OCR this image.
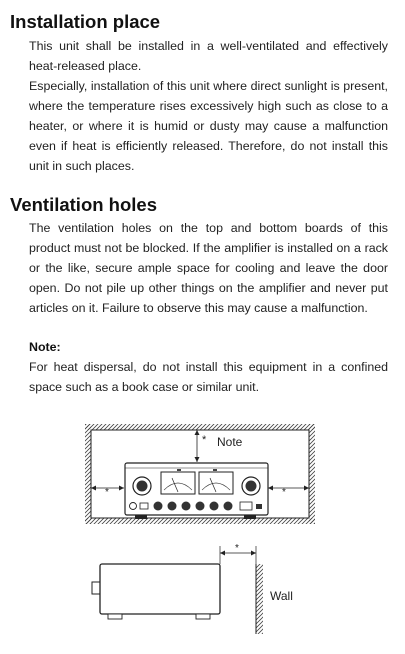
Installation place

This unit shall be installed in a well-ventilated and effectively heat-released place.

Especially, installation of this unit where direct sunlight is present, where the temperature rises excessively high such as close to a heater, or where it is humid or dusty may cause a malfunction even if heat is efficiently released. Therefore, do not install this unit in such places.

Ventilation holes

The ventilation holes on the top and bottom boards of this product must not be blocked. If the amplifier is installed on a rack or the like, secure ample space for cooling and leave the door open. Do not pile up other things on the amplifier and never put articles on it. Failure to observe this may cause a malfunction.

Note:

For heat dispersal, do not install this equipment in a confined space such as a book case or similar unit.

* Note
*	*
*
Wall
